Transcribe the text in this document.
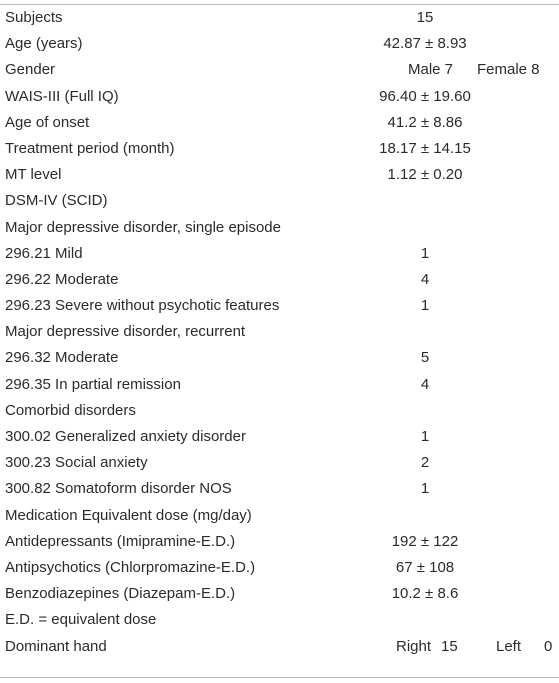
Subjects	15
Age (years)	42.87 ± 8.93
Gender	Male 7 Female 8
WAIS-III (Full IQ)	96.40 ± 19.60
Age of onset	41.2 ± 8.86
Treatment period (month)	18.17 ± 14.15
MT level	1.12 ± 0.20
DSM-IV (SCID)
Major depressive disorder, single episode
296.21 Mild	1
296.22 Moderate	4
296.23 Severe without psychotic features	1
Major depressive disorder, recurrent
296.32 Moderate	5
296.35 In partial remission	4
Comorbid disorders
300.02 Generalized anxiety disorder	1
300.23 Social anxiety	2
300.82 Somatoform disorder NOS	1
Medication Equivalent dose (mg/day)
Antidepressants (Imipramine-E.D.)	192 ± 122
Antipsychotics (Chlorpromazine-E.D.)	67 ± 108
Benzodiazepines (Diazepam-E.D.)	10.2 ± 8.6
E.D. = equivalent dose
Dominant hand	Right 15	Left 0
